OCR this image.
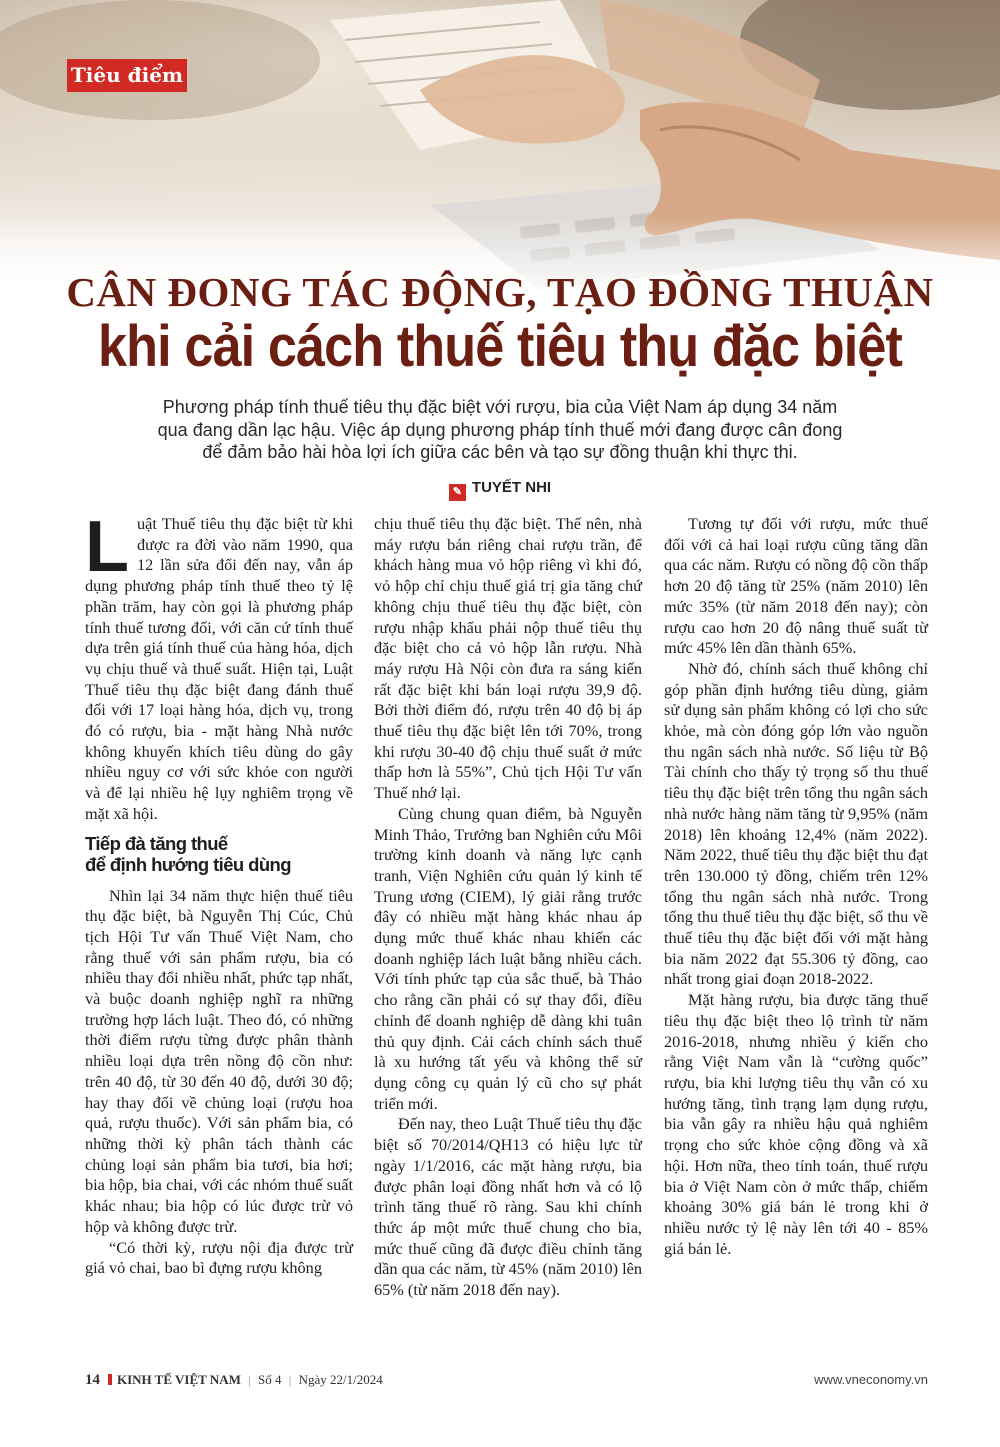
Tiêu điểm
CÂN ĐONG TÁC ĐỘNG, TẠO ĐỒNG THUẬN
khi cải cách thuế tiêu thụ đặc biệt
Phương pháp tính thuế tiêu thụ đặc biệt với rượu, bia của Việt Nam áp dụng 34 năm qua đang dần lạc hậu. Việc áp dụng phương pháp tính thuế mới đang được cân đong để đảm bảo hài hòa lợi ích giữa các bên và tạo sự đồng thuận khi thực thi.
✎ TUYẾT NHI

Luật Thuế tiêu thụ đặc biệt từ khi được ra đời vào năm 1990, qua 12 lần sửa đổi đến nay, vẫn áp dụng phương pháp tính thuế theo tỷ lệ phần trăm, hay còn gọi là phương pháp tính thuế tương đối, với căn cứ tính thuế dựa trên giá tính thuế của hàng hóa, dịch vụ chịu thuế và thuế suất. Hiện tại, Luật Thuế tiêu thụ đặc biệt đang đánh thuế đối với 17 loại hàng hóa, dịch vụ, trong đó có rượu, bia - mặt hàng Nhà nước không khuyến khích tiêu dùng do gây nhiều nguy cơ với sức khỏe con người và để lại nhiều hệ lụy nghiêm trọng về mặt xã hội.

Tiếp đà tăng thuế
để định hướng tiêu dùng

Nhìn lại 34 năm thực hiện thuế tiêu thụ đặc biệt, bà Nguyễn Thị Cúc, Chủ tịch Hội Tư vấn Thuế Việt Nam, cho rằng thuế với sản phẩm rượu, bia có nhiều thay đổi nhiều nhất, phức tạp nhất, và buộc doanh nghiệp nghĩ ra những trường hợp lách luật. Theo đó, có những thời điểm rượu từng được phân thành nhiều loại dựa trên nồng độ cồn như: trên 40 độ, từ 30 đến 40 độ, dưới 30 độ; hay thay đổi về chủng loại (rượu hoa quả, rượu thuốc). Với sản phẩm bia, có những thời kỳ phân tách thành các chủng loại sản phẩm bia tươi, bia hơi; bia hộp, bia chai, với các nhóm thuế suất khác nhau; bia hộp có lúc được trừ vỏ hộp và không được trừ.

“Có thời kỳ, rượu nội địa được trừ giá vỏ chai, bao bì đựng rượu không

chịu thuế tiêu thụ đặc biệt. Thế nên, nhà máy rượu bán riêng chai rượu trần, để khách hàng mua vỏ hộp riêng vì khi đó, vỏ hộp chỉ chịu thuế giá trị gia tăng chứ không chịu thuế tiêu thụ đặc biệt, còn rượu nhập khẩu phải nộp thuế tiêu thụ đặc biệt cho cả vỏ hộp lẫn rượu. Nhà máy rượu Hà Nội còn đưa ra sáng kiến rất đặc biệt khi bán loại rượu 39,9 độ. Bởi thời điểm đó, rượu trên 40 độ bị áp thuế tiêu thụ đặc biệt lên tới 70%, trong khi rượu 30-40 độ chịu thuế suất ở mức thấp hơn là 55%”, Chủ tịch Hội Tư vấn Thuế nhớ lại.

Cùng chung quan điểm, bà Nguyễn Minh Thảo, Trưởng ban Nghiên cứu Môi trường kinh doanh và năng lực cạnh tranh, Viện Nghiên cứu quản lý kinh tế Trung ương (CIEM), lý giải rằng trước đây có nhiều mặt hàng khác nhau áp dụng mức thuế khác nhau khiến các doanh nghiệp lách luật bằng nhiều cách. Với tính phức tạp của sắc thuế, bà Thảo cho rằng cần phải có sự thay đổi, điều chỉnh để doanh nghiệp dễ dàng khi tuân thủ quy định. Cải cách chính sách thuế là xu hướng tất yếu và không thể sử dụng công cụ quản lý cũ cho sự phát triển mới.

Đến nay, theo Luật Thuế tiêu thụ đặc biệt số 70/2014/QH13 có hiệu lực từ ngày 1/1/2016, các mặt hàng rượu, bia được phân loại đồng nhất hơn và có lộ trình tăng thuế rõ ràng. Sau khi chính thức áp một mức thuế chung cho bia, mức thuế cũng đã được điều chỉnh tăng dần qua các năm, từ 45% (năm 2010) lên 65% (từ năm 2018 đến nay).

Tương tự đối với rượu, mức thuế đối với cả hai loại rượu cũng tăng dần qua các năm. Rượu có nồng độ cồn thấp hơn 20 độ tăng từ 25% (năm 2010) lên mức 35% (từ năm 2018 đến nay); còn rượu cao hơn 20 độ nâng thuế suất từ mức 45% lên dần thành 65%.

Nhờ đó, chính sách thuế không chỉ góp phần định hướng tiêu dùng, giảm sử dụng sản phẩm không có lợi cho sức khỏe, mà còn đóng góp lớn vào nguồn thu ngân sách nhà nước. Số liệu từ Bộ Tài chính cho thấy tỷ trọng số thu thuế tiêu thụ đặc biệt trên tổng thu ngân sách nhà nước hàng năm tăng từ 9,95% (năm 2018) lên khoảng 12,4% (năm 2022). Năm 2022, thuế tiêu thụ đặc biệt thu đạt trên 130.000 tỷ đồng, chiếm trên 12% tổng thu ngân sách nhà nước. Trong tổng thu thuế tiêu thụ đặc biệt, số thu về thuế tiêu thụ đặc biệt đối với mặt hàng bia năm 2022 đạt 55.306 tỷ đồng, cao nhất trong giai đoạn 2018-2022.

Mặt hàng rượu, bia được tăng thuế tiêu thụ đặc biệt theo lộ trình từ năm 2016-2018, nhưng nhiều ý kiến cho rằng Việt Nam vẫn là “cường quốc” rượu, bia khi lượng tiêu thụ vẫn có xu hướng tăng, tình trạng lạm dụng rượu, bia vẫn gây ra nhiều hậu quả nghiêm trọng cho sức khỏe cộng đồng và xã hội. Hơn nữa, theo tính toán, thuế rượu bia ở Việt Nam còn ở mức thấp, chiếm khoảng 30% giá bán lẻ trong khi ở nhiều nước tỷ lệ này lên tới 40 - 85% giá bán lẻ.

14 KINH TẾ VIỆT NAM | Số 4 | Ngày 22/1/2024	www.vneconomy.vn
